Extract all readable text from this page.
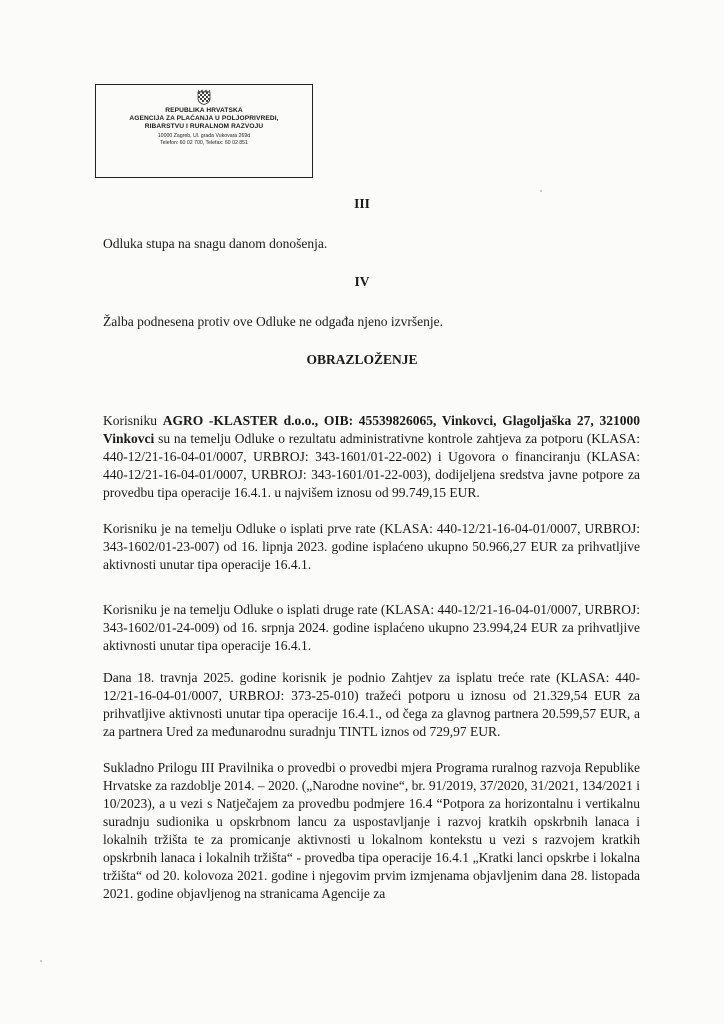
REPUBLIKA HRVATSKA
AGENCIJA ZA PLAĆANJA U POLJOPRIVREDI,
RIBARSTVU I RURALNOM RAZVOJU
10000 Zagreb, Ul. grada Vukovara 269d
Telefon: 60 02 700, Telefax: 60 02 851
III
Odluka stupa na snagu danom donošenja.
IV
Žalba podnesena protiv ove Odluke ne odgađa njeno izvršenje.
OBRAZLOŽENJE
Korisniku AGRO -KLASTER d.o.o., OIB: 45539826065, Vinkovci, Glagoljaška 27, 321000 Vinkovci su na temelju Odluke o rezultatu administrativne kontrole zahtjeva za potporu (KLASA: 440-12/21-16-04-01/0007, URBROJ: 343-1601/01-22-002) i Ugovora o financiranju (KLASA: 440-12/21-16-04-01/0007, URBROJ: 343-1601/01-22-003), dodijeljena sredstva javne potpore za provedbu tipa operacije 16.4.1. u najvišem iznosu od 99.749,15 EUR.
Korisniku je na temelju Odluke o isplati prve rate (KLASA: 440-12/21-16-04-01/0007, URBROJ: 343-1602/01-23-007) od 16. lipnja 2023. godine isplaćeno ukupno 50.966,27 EUR za prihvatljive aktivnosti unutar tipa operacije 16.4.1.
Korisniku je na temelju Odluke o isplati druge rate (KLASA: 440-12/21-16-04-01/0007, URBROJ: 343-1602/01-24-009) od 16. srpnja 2024. godine isplaćeno ukupno 23.994,24 EUR za prihvatljive aktivnosti unutar tipa operacije 16.4.1.
Dana 18. travnja 2025. godine korisnik je podnio Zahtjev za isplatu treće rate (KLASA: 440-12/21-16-04-01/0007, URBROJ: 373-25-010) tražeći potporu u iznosu od 21.329,54 EUR za prihvatljive aktivnosti unutar tipa operacije 16.4.1., od čega za glavnog partnera 20.599,57 EUR, a za partnera Ured za međunarodnu suradnju TINTL iznos od 729,97 EUR.
Sukladno Prilogu III Pravilnika o provedbi o provedbi mjera Programa ruralnog razvoja Republike Hrvatske za razdoblje 2014. – 2020. („Narodne novine“, br. 91/2019, 37/2020, 31/2021, 134/2021 i 10/2023), a u vezi s Natječajem za provedbu podmjere 16.4 “Potpora za horizontalnu i vertikalnu suradnju sudionika u opskrbnom lancu za uspostavljanje i razvoj kratkih opskrbnih lanaca i lokalnih tržišta te za promicanje aktivnosti u lokalnom kontekstu u vezi s razvojem kratkih opskrbnih lanaca i lokalnih tržišta“ - provedba tipa operacije 16.4.1 „Kratki lanci opskrbe i lokalna tržišta“ od 20. kolovoza 2021. godine i njegovim prvim izmjenama objavljenim dana 28. listopada 2021. godine objavljenog na stranicama Agencije za
